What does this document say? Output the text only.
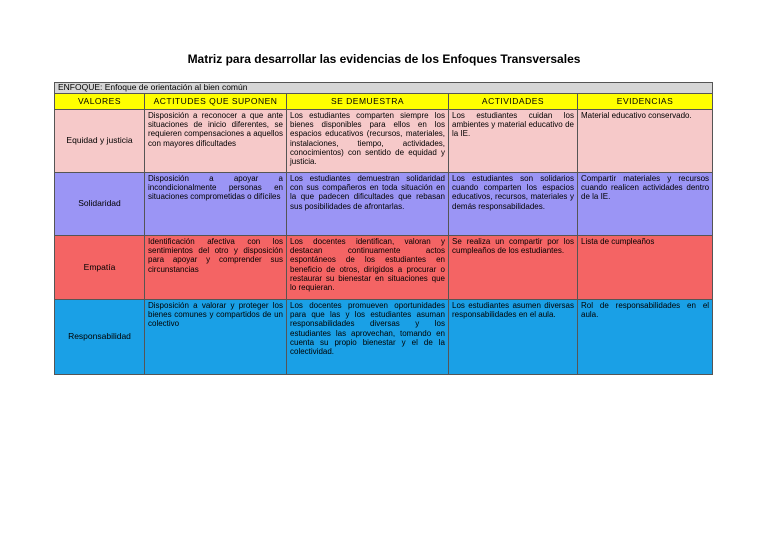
Matriz para desarrollar las evidencias de los Enfoques Transversales
ENFOQUE: Enfoque de orientación al bien común				
VALORES	ACTITUDES QUE SUPONEN	SE DEMUESTRA	ACTIVIDADES	EVIDENCIAS
Equidad y justicia	Disposición a reconocer a que ante situaciones de inicio diferentes, se requieren compensaciones a aquellos con mayores dificultades	Los estudiantes comparten siempre los bienes disponibles para ellos en los espacios educativos (recursos, materiales, instalaciones, tiempo, actividades, conocimientos) con sentido de equidad y justicia.	Los estudiantes cuidan los ambientes y material educativo de la IE.	Material educativo conservado.
Solidaridad	Disposición a apoyar a incondicionalmente personas en situaciones comprometidas o difíciles	Los estudiantes demuestran solidaridad con sus compañeros en toda situación en la que padecen dificultades que rebasan sus posibilidades de afrontarlas.	Los estudiantes son solidarios cuando comparten los espacios educativos, recursos, materiales y demás responsabilidades.	Compartir materiales y recursos cuando realicen actividades dentro de la IE.
Empatía	Identificación afectiva con los sentimientos del otro y disposición para apoyar y comprender sus circunstancias	Los docentes identifican, valoran y destacan continuamente actos espontáneos de los estudiantes en beneficio de otros, dirigidos a procurar o restaurar su bienestar en situaciones que lo requieran.	Se realiza un compartir por los cumpleaños de los estudiantes.	Lista de cumpleaños
Responsabilidad	Disposición a valorar y proteger los bienes comunes y compartidos de un colectivo	Los docentes promueven oportunidades para que las y los estudiantes asuman responsabilidades diversas y los estudiantes las aprovechan, tomando en cuenta su propio bienestar y el de la colectividad.	Los estudiantes asumen diversas responsabilidades en el aula.	Rol de responsabilidades en el aula.
